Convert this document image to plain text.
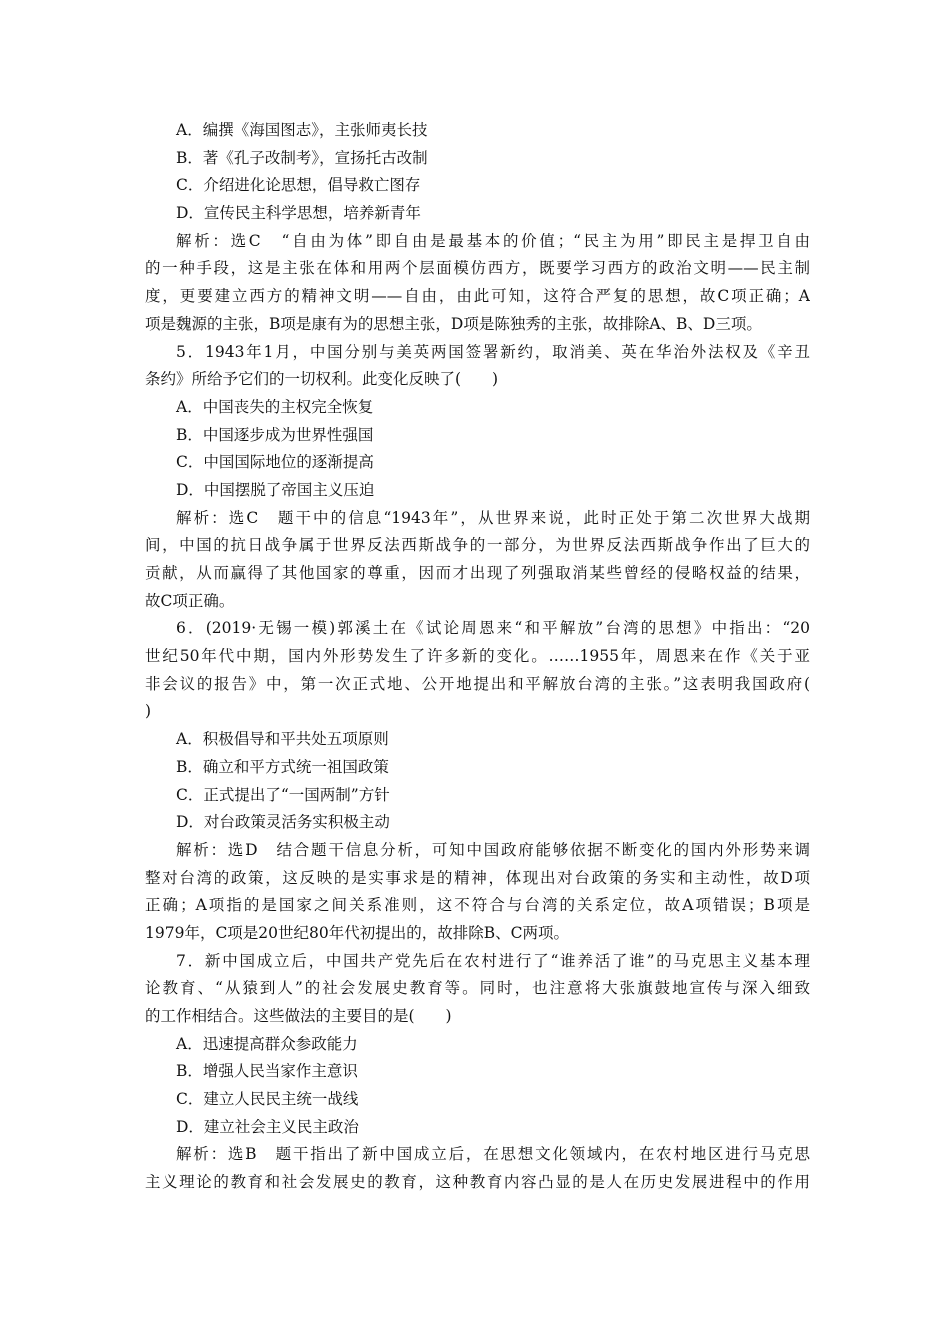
A．编撰《海国图志》，主张师夷长技
B．著《孔子改制考》，宣扬托古改制
C．介绍进化论思想，倡导救亡图存
D．宣传民主科学思想，培养新青年
解析：选C　“自由为体”即自由是最基本的价值；“民主为用”即民主是捍卫自由
的一种手段，这是主张在体和用两个层面模仿西方，既要学习西方的政治文明——民主制
度，更要建立西方的精神文明——自由，由此可知，这符合严复的思想，故C项正确；A
项是魏源的主张，B项是康有为的思想主张，D项是陈独秀的主张，故排除A、B、D三项。
5．1943年1月，中国分别与美英两国签署新约，取消美、英在华治外法权及《辛丑
条约》所给予它们的一切权利。此变化反映了(　　)
A．中国丧失的主权完全恢复
B．中国逐步成为世界性强国
C．中国国际地位的逐渐提高
D．中国摆脱了帝国主义压迫
解析：选C　题干中的信息“1943年”，从世界来说，此时正处于第二次世界大战期
间，中国的抗日战争属于世界反法西斯战争的一部分，为世界反法西斯战争作出了巨大的
贡献，从而赢得了其他国家的尊重，因而才出现了列强取消某些曾经的侵略权益的结果，
故C项正确。
6．(2019·无锡一模)郭溪土在《试论周恩来“和平解放”台湾的思想》中指出：“20
世纪50年代中期，国内外形势发生了许多新的变化。……1955年，周恩来在作《关于亚
非会议的报告》中，第一次正式地、公开地提出和平解放台湾的主张。”这表明我国政府(
)
A．积极倡导和平共处五项原则
B．确立和平方式统一祖国政策
C．正式提出了“一国两制”方针
D．对台政策灵活务实积极主动
解析：选D　结合题干信息分析，可知中国政府能够依据不断变化的国内外形势来调
整对台湾的政策，这反映的是实事求是的精神，体现出对台政策的务实和主动性，故D项
正确；A项指的是国家之间关系准则，这不符合与台湾的关系定位，故A项错误；B项是
1979年，C项是20世纪80年代初提出的，故排除B、C两项。
7．新中国成立后，中国共产党先后在农村进行了“谁养活了谁”的马克思主义基本理
论教育、“从猿到人”的社会发展史教育等。同时，也注意将大张旗鼓地宣传与深入细致
的工作相结合。这些做法的主要目的是(　　)
A．迅速提高群众参政能力
B．增强人民当家作主意识
C．建立人民民主统一战线
D．建立社会主义民主政治
解析：选B　题干指出了新中国成立后，在思想文化领域内，在农村地区进行马克思
主义理论的教育和社会发展史的教育，这种教育内容凸显的是人在历史发展进程中的作用
